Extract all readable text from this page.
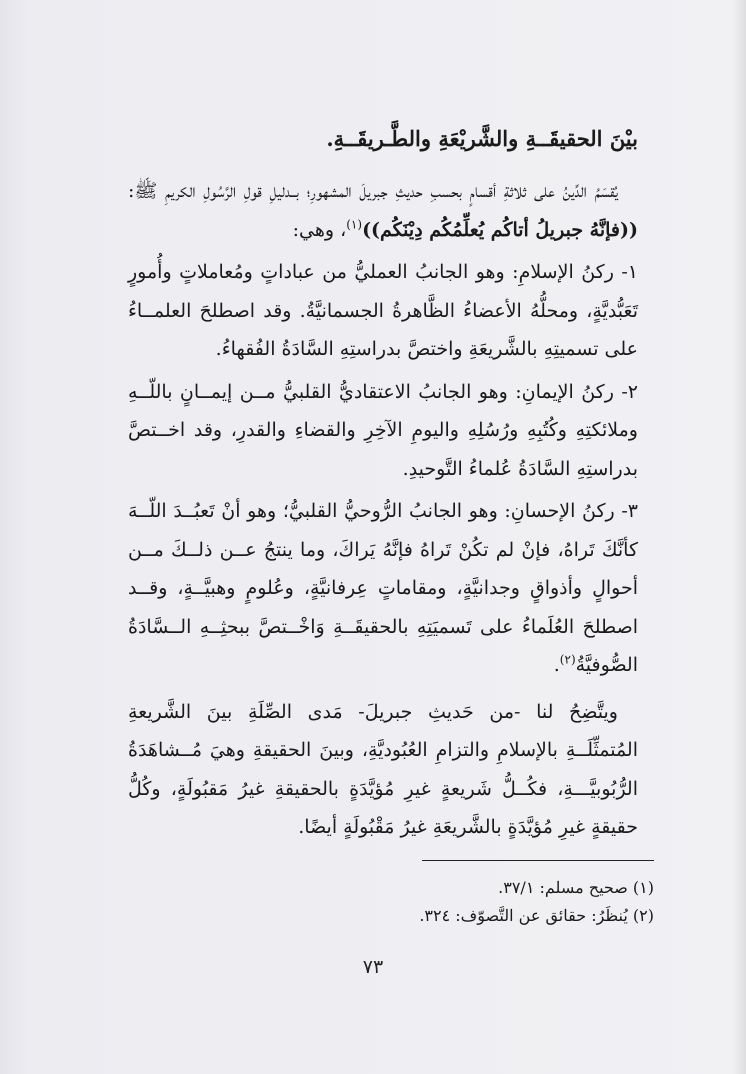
بيْنَ الحقيقَــةِ والشَّريْعَةِ والطَّـريقَــةِ.

يُقسَمُ الدِّينُ على ثلاثةِ أقسامٍ بحسبِ حديثِ جبريلَ المشهورِ؛ بــدليلِ قولِ الرَّسُولِ الكريمِ ﷺ: ((فإنَّهُ جبريلُ أتاكُم يُعلِّمُكُم دِيْنَكُم))$^{(١)}$، وهي:

١- ركنُ الإسلامِ: وهو الجانبُ العمليُّ من عباداتٍ ومُعاملاتٍ وأُمورٍ تَعَبُّديَّةٍ، ومحلُّهُ الأعضاءُ الظَّاهرةُ الجسمانيَّةُ. وقد اصطلحَ العلمــاءُ على تسميتِهِ بالشَّريعَةِ واختصَّ بدراستِهِ السَّادَةُ الفُقهاءُ.

٢- ركنُ الإيمانِ: وهو الجانبُ الاعتقاديُّ القلبيُّ مــن إيمــانٍ باللّــهِ وملائكتِهِ وكُتُبِهِ ورُسُلِهِ واليومِ الآخِرِ والقضاءِ والقدرِ، وقد اخــتصَّ بدراستِهِ السَّادَةُ عُلماءُ التَّوحيدِ.

٣- ركنُ الإحسانِ: وهو الجانبُ الرُّوحيُّ القلبيُّ؛ وهو أنْ تَعبُــدَ اللّــهَ كأنَّكَ تَراهُ، فإنْ لم تكُنْ تَراهُ فإنَّهُ يَراكَ، وما ينتجُ عــن ذلــكَ مــن أحوالٍ وأذواقٍ وجدانيَّةٍ، ومقاماتٍ عِرفانيَّةٍ، وعُلومٍ وهبيَّــةٍ، وقــد اصطلحَ العُلَماءُ على تَسميَتِهِ بالحقيقَــةِ وَاخْــتصَّ ببحثِــهِ الــسَّادَةُ الصُّوفيَّةُ$^{(٢)}$.

ويتَّضِحُ لنا -من حَديثِ جبريلَ- مَدى الصِّلَةِ بينَ الشَّريعةِ المُتمثِّلَــةِ بالإسلامِ والتزامِ العُبُوديَّةِ، وبينَ الحقيقةِ وهيَ مُــشاهَدَةُ الرُّبُوبيَّـــةِ، فكُــلُّ شَريعةٍ غيرِ مُؤيَّدَةٍ بالحقيقةِ غيرُ مَقبُولَةٍ، وكُلُّ حقيقةٍ غيرِ مُؤيَّدَةٍ بالشَّريعَةِ غيرُ مَقْبُولَةٍ أيضًا.

(١) صحيح مسلم: ٣٧/١.

(٢) يُنظَرُ: حقائق عن التَّصوّف: ٣٢٤.

٧٣
